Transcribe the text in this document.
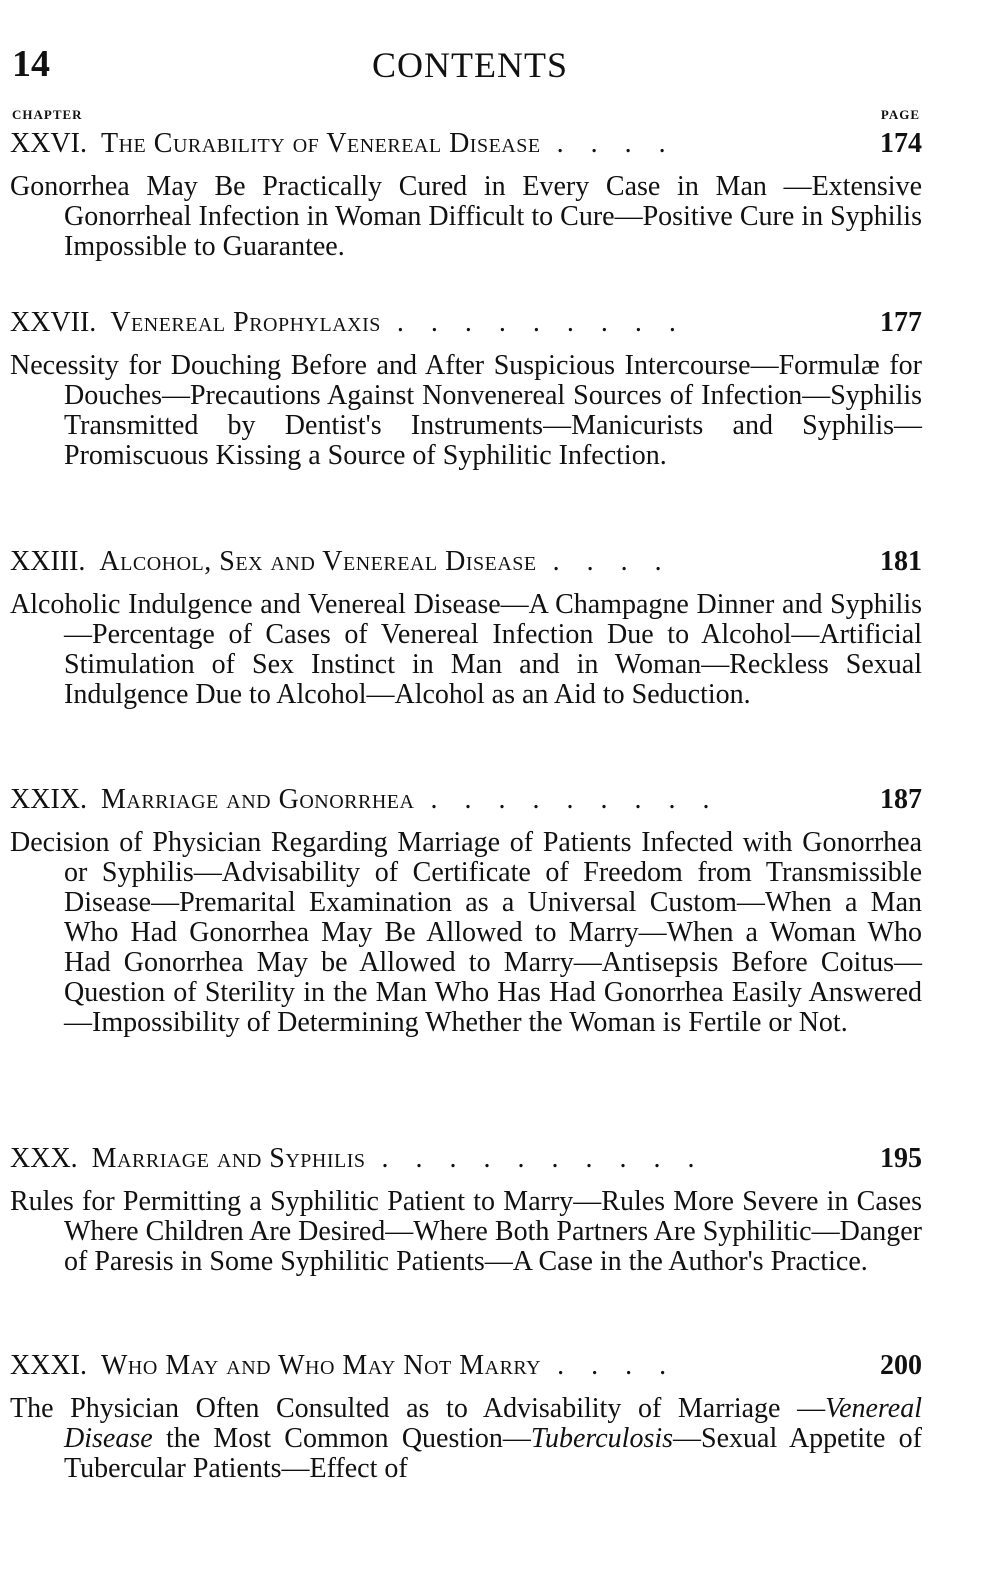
14	CONTENTS
CHAPTER	PAGE
XXVI. The Curability of Venereal Disease . . . .	174
Gonorrhea May Be Practically Cured in Every Case in Man —Extensive Gonorrheal Infection in Woman Difficult to Cure—Positive Cure in Syphilis Impossible to Guarantee.
XXVII. Venereal Prophylaxis . . . . . . . . .	177
Necessity for Douching Before and After Suspicious Intercourse—Formulæ for Douches—Precautions Against Nonvenereal Sources of Infection—Syphilis Transmitted by Dentist's Instruments—Manicurists and Syphilis—Promiscuous Kissing a Source of Syphilitic Infection.
XXIII. Alcohol, Sex and Venereal Disease . . . .	181
Alcoholic Indulgence and Venereal Disease—A Champagne Dinner and Syphilis—Percentage of Cases of Venereal Infection Due to Alcohol—Artificial Stimulation of Sex Instinct in Man and in Woman—Reckless Sexual Indulgence Due to Alcohol—Alcohol as an Aid to Seduction.
XXIX. Marriage and Gonorrhea . . . . . . . . .	187
Decision of Physician Regarding Marriage of Patients Infected with Gonorrhea or Syphilis—Advisability of Certificate of Freedom from Transmissible Disease—Premarital Examination as a Universal Custom—When a Man Who Had Gonorrhea May Be Allowed to Marry—When a Woman Who Had Gonorrhea May be Allowed to Marry—Antisepsis Before Coitus—Question of Sterility in the Man Who Has Had Gonorrhea Easily Answered—Impossibility of Determining Whether the Woman is Fertile or Not.
XXX. Marriage and Syphilis . . . . . . . . . .	195
Rules for Permitting a Syphilitic Patient to Marry—Rules More Severe in Cases Where Children Are Desired—Where Both Partners Are Syphilitic—Danger of Paresis in Some Syphilitic Patients—A Case in the Author's Practice.
XXXI. Who May and Who May Not Marry . . . .	200
The Physician Often Consulted as to Advisability of Marriage —Venereal Disease the Most Common Question—Tuberculosis—Sexual Appetite of Tubercular Patients—Effect of
